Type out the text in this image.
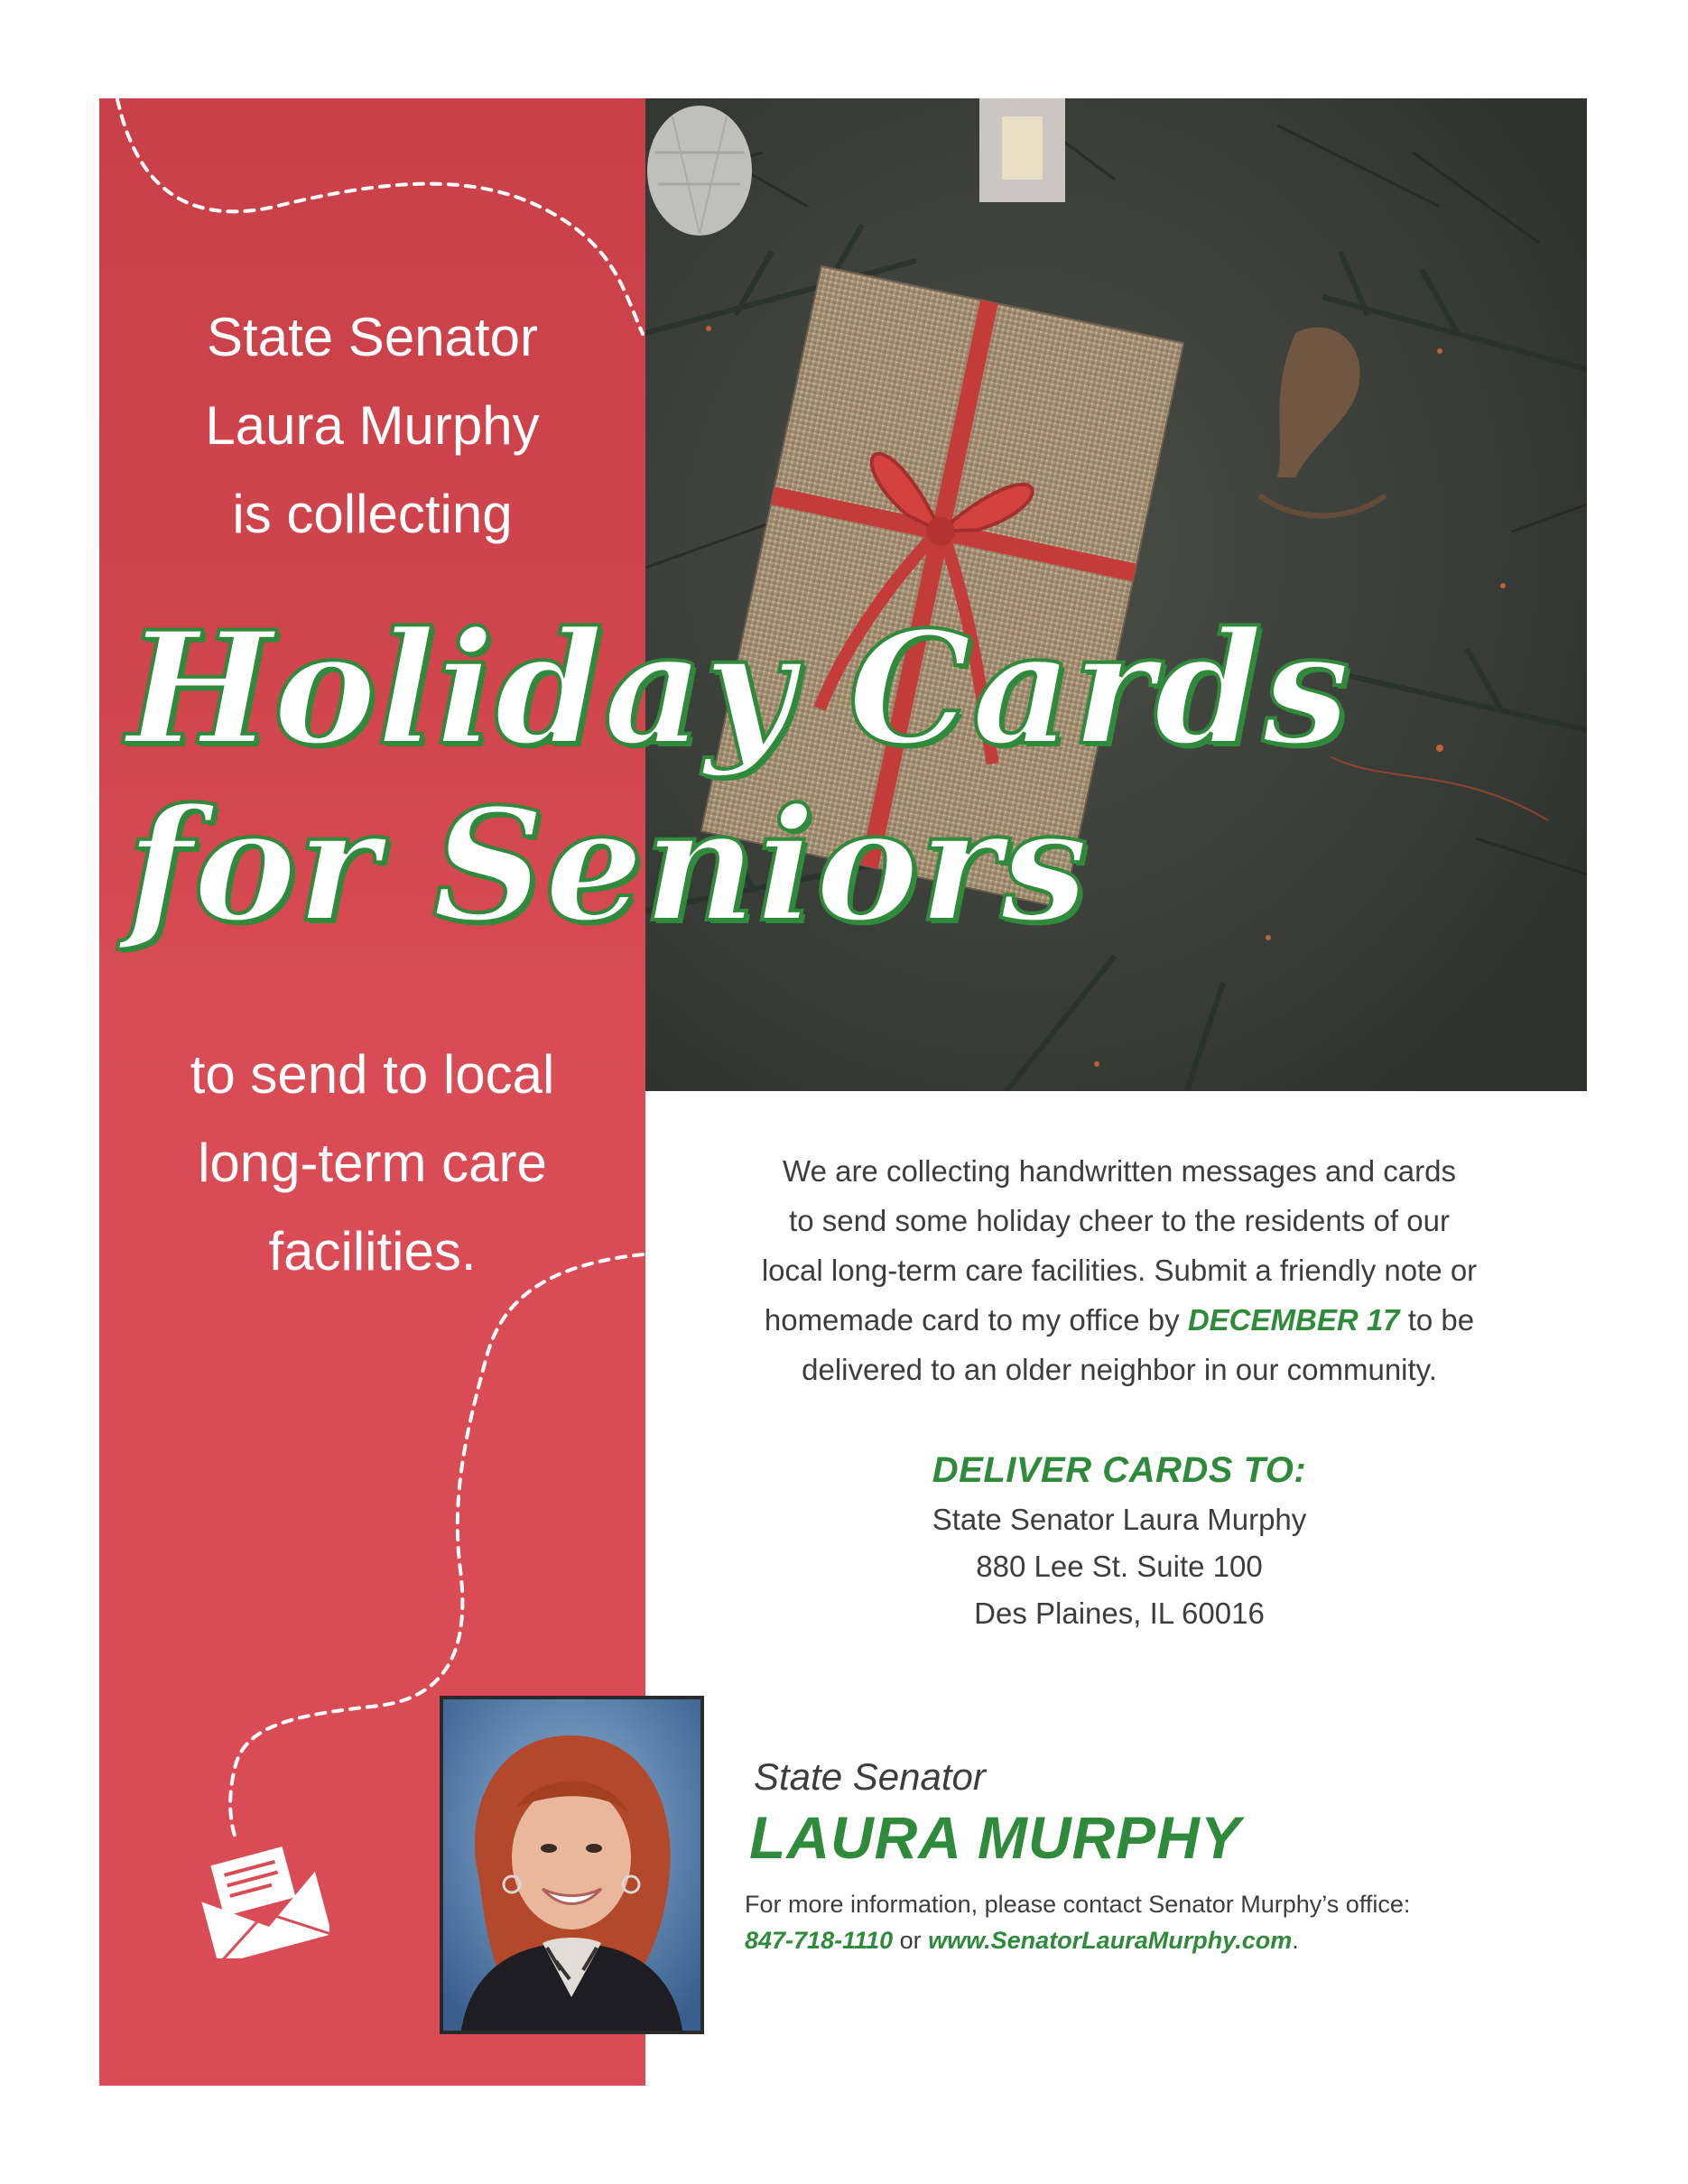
State Senator
Laura Murphy
is collecting

Holiday Cards

for Seniors

to send to local
long-term care
facilities.

We are collecting handwritten messages and cards
to send some holiday cheer to the residents of our
local long-term care facilities. Submit a friendly note or
homemade card to my office by DECEMBER 17 to be
delivered to an older neighbor in our community.

DELIVER CARDS TO:

State Senator Laura Murphy
880 Lee St. Suite 100
Des Plaines, IL 60016

State Senator

LAURA MURPHY

For more information, please contact Senator Murphy’s office:

847-718-1110 or www.SenatorLauraMurphy.com.
